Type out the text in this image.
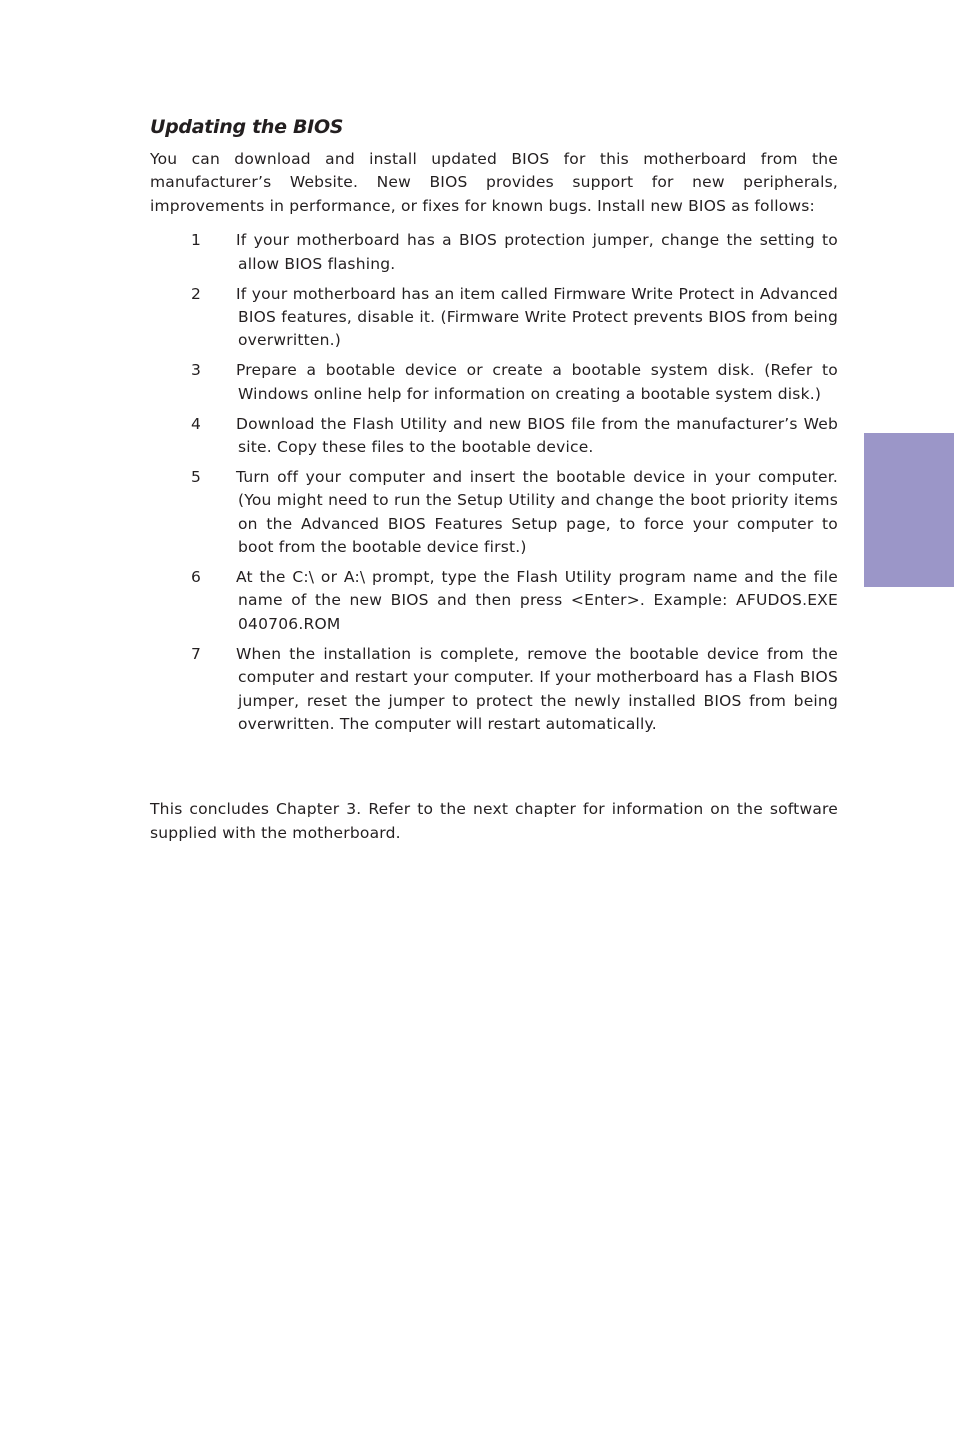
Updating the BIOS

You can download and install updated BIOS for this motherboard from the manufacturer’s Website. New BIOS provides support for new peripherals, improvements in performance, or fixes for known bugs. Install new BIOS as follows:

1	If your motherboard has a BIOS protection jumper, change the setting to allow BIOS flashing.
2	If your motherboard has an item called Firmware Write Protect in Advanced BIOS features, disable it. (Firmware Write Protect prevents BIOS from being overwritten.)
3	Prepare a bootable device or create a bootable system disk. (Refer to Windows online help for information on creating a bootable system disk.)
4	Download the Flash Utility and new BIOS file from the manufacturer’s Web site. Copy these files to the bootable device.
5	Turn off your computer and insert the bootable device in your computer. (You might need to run the Setup Utility and change the boot priority items on the Advanced BIOS Features Setup page, to force your computer to boot from the bootable device first.)
6	At the C:\ or A:\ prompt, type the Flash Utility program name and the file name of the new BIOS and then press <Enter>. Example: AFUDOS.EXE 040706.ROM
7	When the installation is complete, remove the bootable device from the computer and restart your computer. If your motherboard has a Flash BIOS jumper, reset the jumper to protect the newly installed BIOS from being overwritten. The computer will restart automatically.

This concludes Chapter 3. Refer to the next chapter for information on the software supplied with the motherboard.
